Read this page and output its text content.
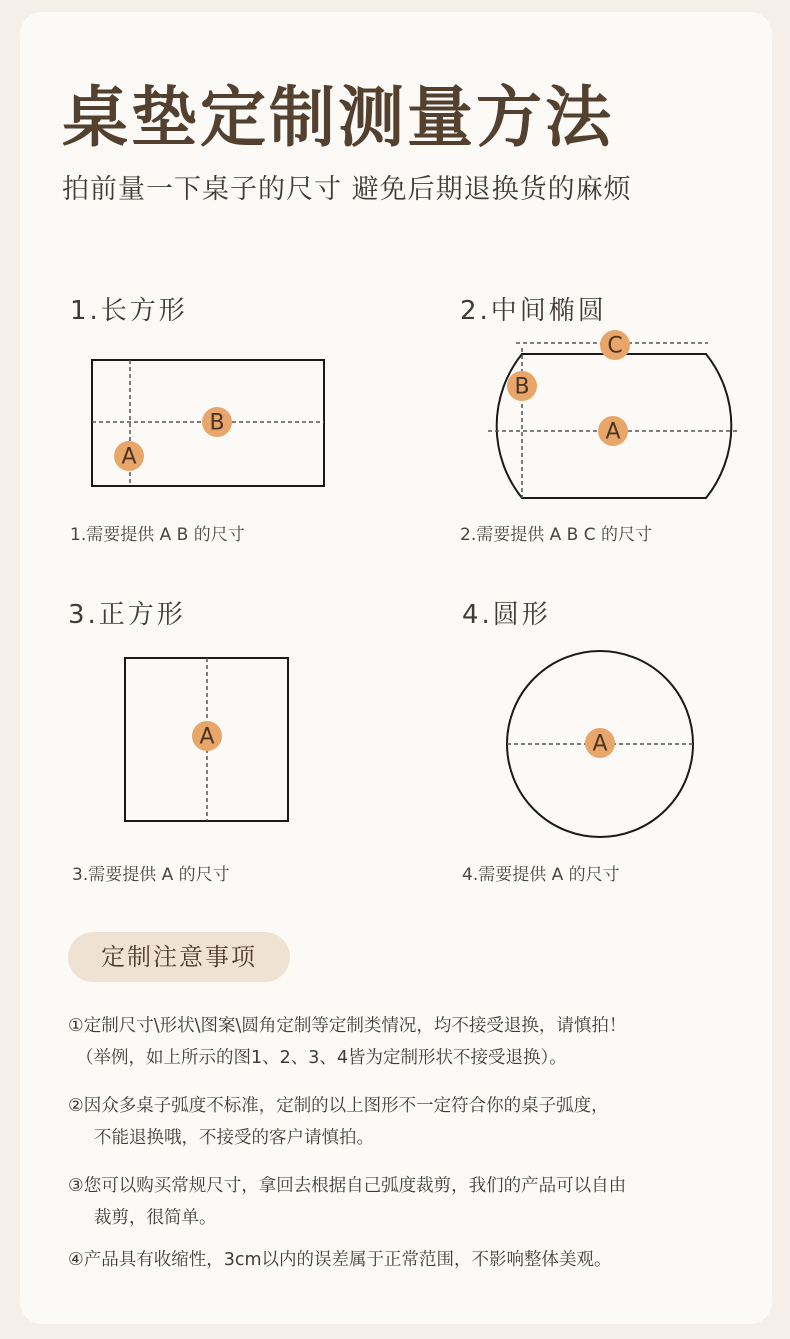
桌垫定制测量方法
拍前量一下桌子的尺寸 避免后期退换货的麻烦
1.长方形
A
B
1.需要提供 A B 的尺寸
2.中间椭圆
C
B
A
2.需要提供 A B C 的尺寸
3.正方形
A
3.需要提供 A 的尺寸
4.圆形
A
4.需要提供 A 的尺寸
定制注意事项
①定制尺寸\形状\图案\圆角定制等定制类情况，均不接受退换，请慎拍！
（举例，如上所示的图1、2、3、4皆为定制形状不接受退换）。
②因众多桌子弧度不标准，定制的以上图形不一定符合你的桌子弧度，
不能退换哦，不接受的客户请慎拍。
③您可以购买常规尺寸，拿回去根据自己弧度裁剪，我们的产品可以自由
裁剪，很简单。
④产品具有收缩性，3cm以内的误差属于正常范围，不影响整体美观。
